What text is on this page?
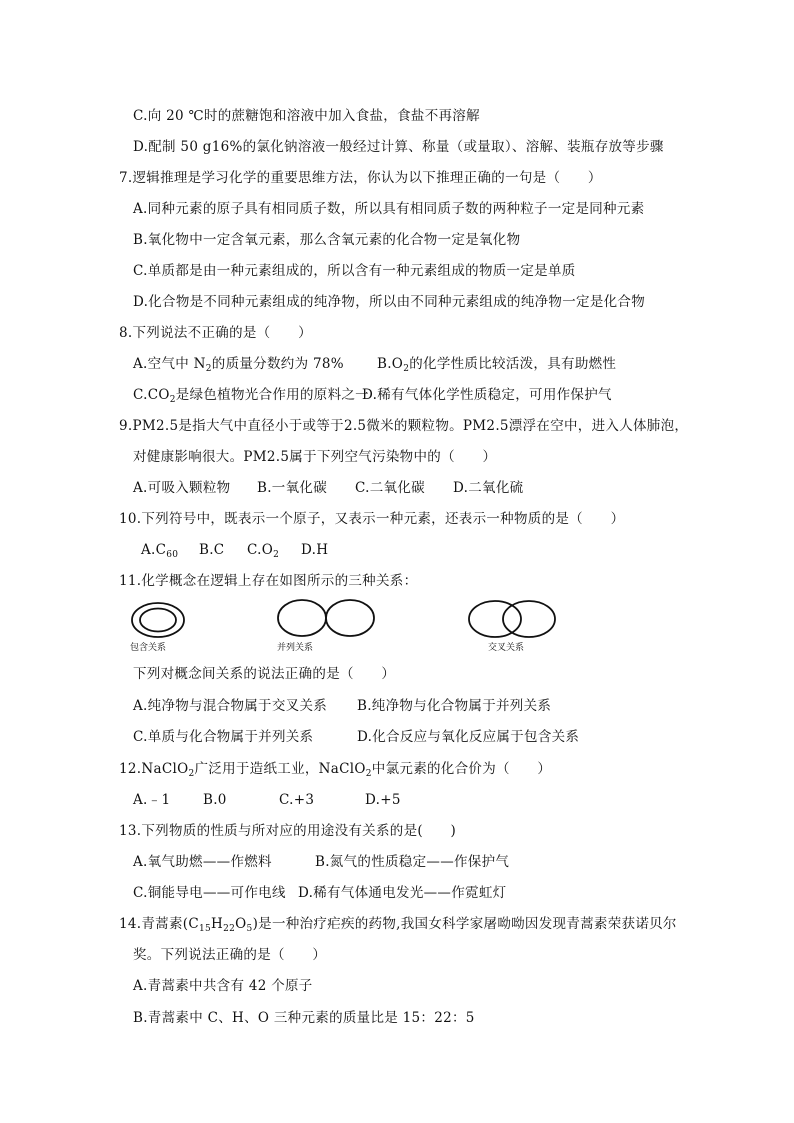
C.向 20 ℃时的蔗糖饱和溶液中加入食盐，食盐不再溶解
D.配制 50 g16%的氯化钠溶液一般经过计算、称量（或量取）、溶解、装瓶存放等步骤
7.逻辑推理是学习化学的重要思维方法，你认为以下推理正确的一句是（　　）
A.同种元素的原子具有相同质子数，所以具有相同质子数的两种粒子一定是同种元素
B.氧化物中一定含氧元素，那么含氧元素的化合物一定是氧化物
C.单质都是由一种元素组成的，所以含有一种元素组成的物质一定是单质
D.化合物是不同种元素组成的纯净物，所以由不同种元素组成的纯净物一定是化合物
8.下列说法不正确的是（　　）
A.空气中 $N_2$的质量分数约为 78% $B.O_2$的化学性质比较活泼，具有助燃性
$C.CO_2$是绿色植物光合作用的原料之一
D.稀有气体化学性质稳定，可用作保护气
9.PM2.5是指大气中直径小于或等于2.5微米的颗粒物。PM2.5漂浮在空中，进入人体肺泡，
对健康影响很大。PM2.5属于下列空气污染物中的（　　）
A.可吸入颗粒物 B.一氧化碳 C.二氧化碳 D.二氧化硫
10.下列符号中，既表示一个原子，又表示一种元素，还表示一种物质的是（　　）
$A.C_{60}$ B.C $C.O_2$ D.H
11.化学概念在逻辑上存在如图所示的三种关系：
包含关系	并列关系	交叉关系
下列对概念间关系的说法正确的是（　　）
A.纯净物与混合物属于交叉关系 B.纯净物与化合物属于并列关系
C.单质与化合物属于并列关系	D.化合反应与氧化反应属于包含关系
12.NaClO$_2$广泛用于造纸工业，NaClO$_2$中氯元素的化合价为（　　）
A.﹣1 B.0	C.+3	D.+5
13.下列物质的性质与所对应的用途没有关系的是(　　)
A.氧气助燃——作燃料	B.氮气的性质稳定——作保护气
C.铜能导电——可作电线 D.稀有气体通电发光——作霓虹灯
14.青蒿素$(C_{15}H_{22}O_5)$是一种治疗疟疾的药物,我国女科学家屠呦呦因发现青蒿素荣获诺贝尔
奖。下列说法正确的是（　　）
A.青蒿素中共含有 42 个原子
B.青蒿素中 C、H、O 三种元素的质量比是 15：22：5
